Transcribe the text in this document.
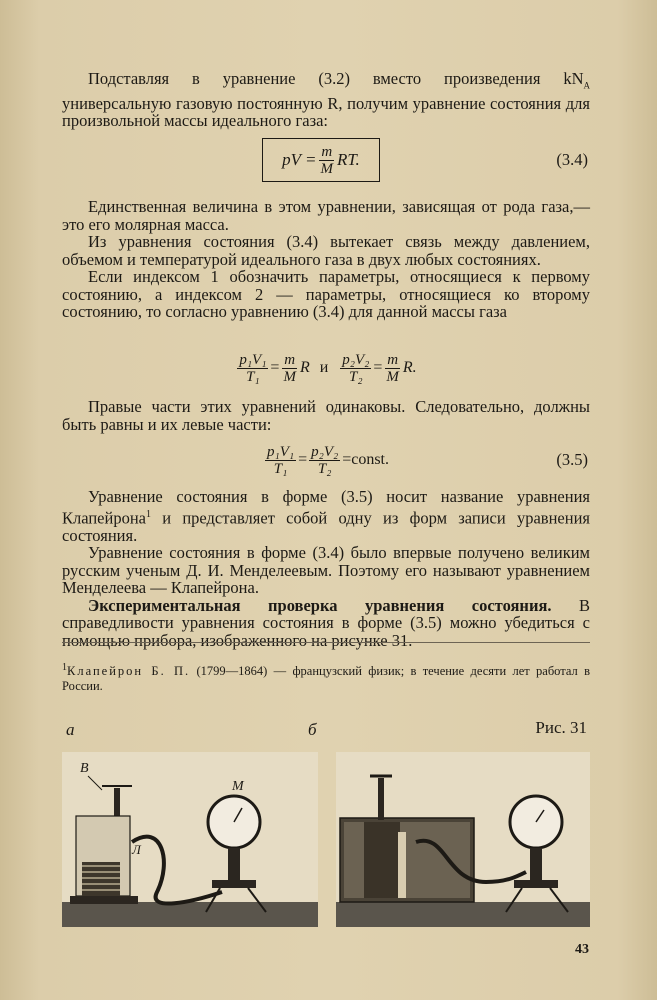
Подставляя в уравнение (3.2) вместо произведения $kN_A$ универсальную газовую постоянную R, получим уравнение состояния для произвольной массы идеального газа:

pV = $\frac{m}{M}$ RT.	(3.4)

Единственная величина в этом уравнении, зависящая от рода газа,— это его молярная масса.

Из уравнения состояния (3.4) вытекает связь между давлением, объемом и температурой идеального газа в двух любых состояниях.

Если индексом 1 обозначить параметры, относящиеся к первому состоянию, а индексом 2 — параметры, относящиеся ко второму состоянию, то согласно уравнению (3.4) для данной массы газа

$\frac{\text{p₁V₁}}{\text{T₁}} = \frac{m}{M}$ R и $\frac{\text{p₂V₂}}{\text{T₂}} = \frac{m}{M} R$.

Правые части этих уравнений одинаковы. Следовательно, должны быть равны и их левые части:

$\frac{\text{p₁V₁}}{\text{T₁}} = \frac{\text{p₂V₂}}{\text{T₂}}$ =const.	(3.5)

Уравнение состояния в форме (3.5) носит название уравнения Клапейрона$^1$ и представляет собой одну из форм записи уравнения состояния.

Уравнение состояния в форме (3.4) было впервые получено великим русским ученым Д. И. Менделеевым. Поэтому его называют уравнением Менделеева — Клапейрона.

Экспериментальная проверка уравнения состояния. В справедливости уравнения состояния в форме (3.5) можно убедиться с помощью прибора, изображенного на рисунке 31.

$^1$Клапейрон Б. П. (1799—1864) — французский физик; в течение десяти лет работал в России.
а	б	Рис. 31
В
Л
М
43
